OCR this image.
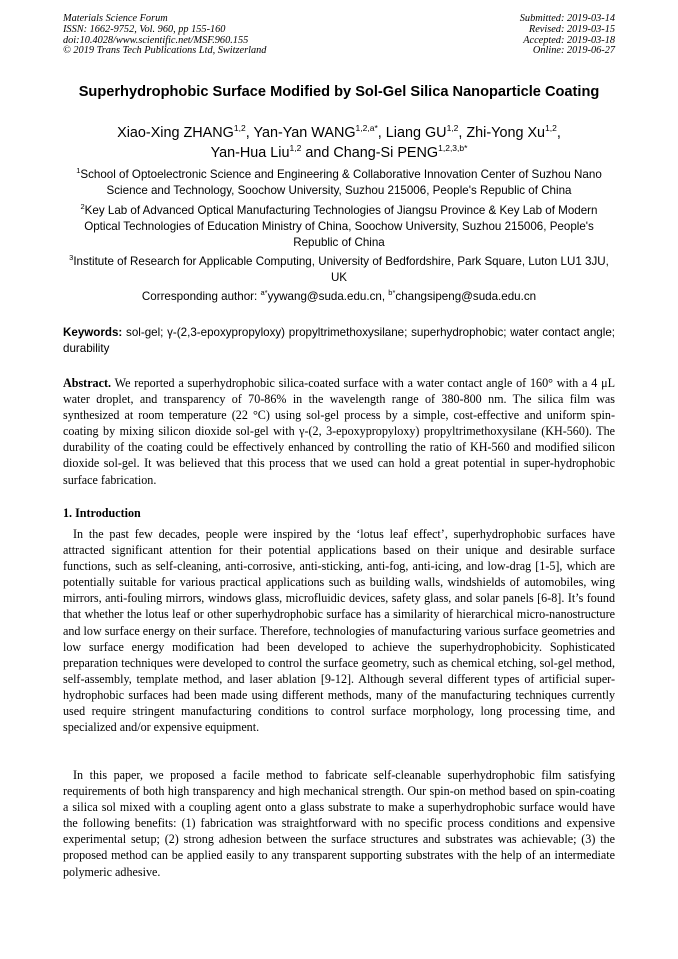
Materials Science Forum
ISSN: 1662-9752, Vol. 960, pp 155-160
doi:10.4028/www.scientific.net/MSF.960.155
© 2019 Trans Tech Publications Ltd, Switzerland
Submitted: 2019-03-14
Revised: 2019-03-15
Accepted: 2019-03-18
Online: 2019-06-27
Superhydrophobic Surface Modified by Sol-Gel Silica Nanoparticle Coating
Xiao-Xing ZHANG$^{1,2}$, Yan-Yan $WANG^{1,2,a*}$, Liang GU$^{1,2}$, Zhi-Yong Xu$^{1,2}$,
Yan-Hua Liu$^{1,2}$ and Chang-Si $PENG^{1,2,3,b*}$
$^1$School of Optoelectronic Science and Engineering & Collaborative Innovation Center of Suzhou Nano Science and Technology, Soochow University, Suzhou 215006, People's Republic of China
$^2$Key Lab of Advanced Optical Manufacturing Technologies of Jiangsu Province & Key Lab of Modern Optical Technologies of Education Ministry of China, Soochow University, Suzhou 215006, People's Republic of China
$^3$Institute of Research for Applicable Computing, University of Bedfordshire, Park Square, Luton LU1 3JU, UK
Corresponding author: $^{a*}$yywang@suda.edu.cn, $^{b*}$changsipeng@suda.edu.cn
Keywords: sol-gel; γ-(2,3-epoxypropyloxy) propyltrimethoxysilane; superhydrophobic; water contact angle; durability
Abstract. We reported a superhydrophobic silica-coated surface with a water contact angle of 160° with a 4 μL water droplet, and transparency of 70-86% in the wavelength range of 380-800 nm. The silica film was synthesized at room temperature (22 °C) using sol-gel process by a simple, cost-effective and uniform spin-coating by mixing silicon dioxide sol-gel with γ-(2, 3-epoxypropyloxy) propyltrimethoxysilane (KH-560). The durability of the coating could be effectively enhanced by controlling the ratio of KH-560 and modified silicon dioxide sol-gel. It was believed that this process that we used can hold a great potential in super-hydrophobic surface fabrication.
1. Introduction
In the past few decades, people were inspired by the ‘lotus leaf effect’, superhydrophobic surfaces have attracted significant attention for their potential applications based on their unique and desirable surface functions, such as self-cleaning, anti-corrosive, anti-sticking, anti-fog, anti-icing, and low-drag [1-5], which are potentially suitable for various practical applications such as building walls, windshields of automobiles, wing mirrors, anti-fouling mirrors, windows glass, microfluidic devices, safety glass, and solar panels [6-8]. It’s found that whether the lotus leaf or other superhydrophobic surface has a similarity of hierarchical micro-nanostructure and low surface energy on their surface. Therefore, technologies of manufacturing various surface geometries and low surface energy modification had been developed to achieve the superhydrophobicity. Sophisticated preparation techniques were developed to control the surface geometry, such as chemical etching, sol-gel method, self-assembly, template method, and laser ablation [9-12]. Although several different types of artificial super-hydrophobic surfaces had been made using different methods, many of the manufacturing techniques currently used require stringent manufacturing conditions to control surface morphology, long processing time, and specialized and/or expensive equipment.
In this paper, we proposed a facile method to fabricate self-cleanable superhydrophobic film satisfying requirements of both high transparency and high mechanical strength. Our spin-on method based on spin-coating a silica sol mixed with a coupling agent onto a glass substrate to make a superhydrophobic surface would have the following benefits: (1) fabrication was straightforward with no specific process conditions and expensive experimental setup; (2) strong adhesion between the surface structures and substrates was achievable; (3) the proposed method can be applied easily to any transparent supporting substrates with the help of an intermediate polymeric adhesive.
